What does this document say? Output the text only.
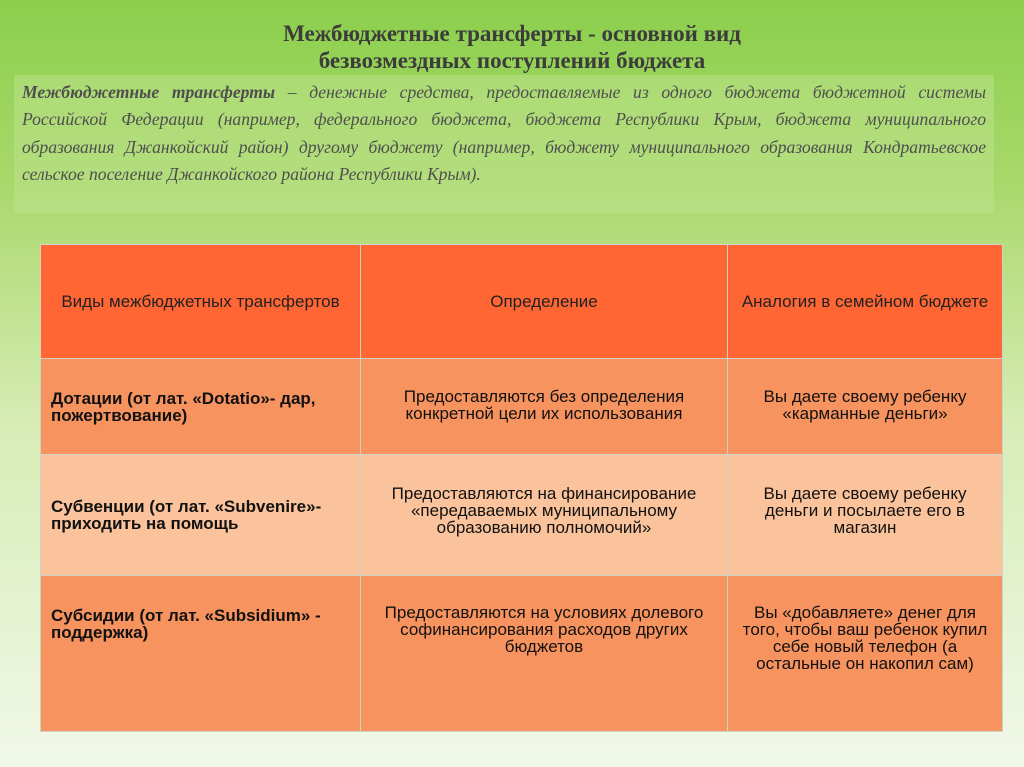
Межбюджетные трансферты - основной вид
безвозмездных поступлений бюджета

Межбюджетные трансферты – денежные средства, предоставляемые из одного бюджета бюджетной системы Российской Федерации (например, федерального бюджета, бюджета Республики Крым, бюджета муниципального образования Джанкойский район) другому бюджету (например, бюджету муниципального образования Кондратьевское сельское поселение Джанкойского района Республики Крым).

Виды межбюджетных трансфертов	Определение	Аналогия в семейном бюджете
Дотации (от лат. «Dotatio»- дар, пожертвование)	Предоставляются без определения конкретной цели их использования	Вы даете своему ребенку «карманные деньги»
Субвенции (от лат. «Subvenire»- приходить на помощь	Предоставляются на финансирование «передаваемых муниципальному образованию полномочий»	Вы даете своему ребенку деньги и посылаете его в магазин
Субсидии (от лат. «Subsidium» - поддержка)	Предоставляются на условиях долевого софинансирования расходов других бюджетов	Вы «добавляете» денег для того, чтобы ваш ребенок купил себе новый телефон (а остальные он накопил сам)
